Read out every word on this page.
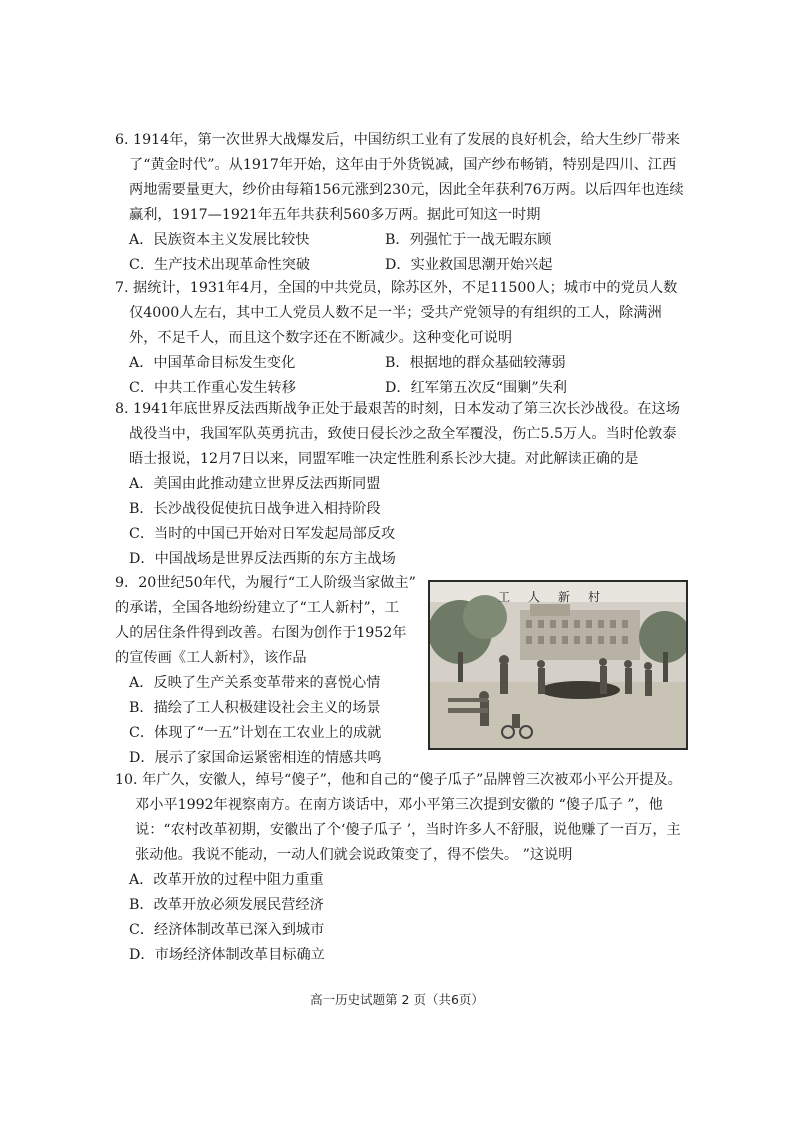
6. 1914年，第一次世界大战爆发后，中国纺织工业有了发展的良好机会，给大生纱厂带来了“黄金时代”。从1917年开始，这年由于外货锐减，国产纱布畅销，特别是四川、江西两地需要量更大，纱价由每箱156元涨到230元，因此全年获利76万两。以后四年也连续赢利，1917—1921年五年共获利560多万两。据此可知这一时期

A．民族资本主义发展比较快	B．列强忙于一战无暇东顾
C．生产技术出现革命性突破	D．实业救国思潮开始兴起

7. 据统计，1931年4月，全国的中共党员，除苏区外，不足11500人；城市中的党员人数仅4000人左右，其中工人党员人数不足一半；受共产党领导的有组织的工人，除满洲外，不足千人，而且这个数字还在不断减少。这种变化可说明

A．中国革命目标发生变化	B．根据地的群众基础较薄弱
C．中共工作重心发生转移	D．红军第五次反“围剿”失利

8. 1941年底世界反法西斯战争正处于最艰苦的时刻，日本发动了第三次长沙战役。在这场战役当中，我国军队英勇抗击，致使日侵长沙之敌全军覆没，伤亡5.5万人。当时伦敦泰晤士报说，12月7日以来，同盟军唯一决定性胜利系长沙大捷。对此解读正确的是

A．美国由此推动建立世界反法西斯同盟
B．长沙战役促使抗日战争进入相持阶段
C．当时的中国已开始对日军发起局部反攻
D．中国战场是世界反法西斯的东方主战场
9．20世纪50年代，为履行“工人阶级当家做主”
的承诺，全国各地纷纷建立了“工人新村”，工
人的居住条件得到改善。右图为创作于1952年
的宣传画《工人新村》，该作品
A．反映了生产关系变革带来的喜悦心情
B．描绘了工人积极建设社会主义的场景
C．体现了“一五”计划在工农业上的成就
D．展示了家国命运紧密相连的情感共鸣
工人新村

10. 年广久，安徽人，绰号“傻子”，他和自己的“傻子瓜子”品牌曾三次被邓小平公开提及。邓小平1992年视察南方。在南方谈话中，邓小平第三次提到安徽的 “傻子瓜子 ”，他说：“农村改革初期，安徽出了个‘傻子瓜子 ’，当时许多人不舒服，说他赚了一百万，主张动他。我说不能动，一动人们就会说政策变了，得不偿失。 ”这说明

A．改革开放的过程中阻力重重
B．改革开放必须发展民营经济
C．经济体制改革已深入到城市
D．市场经济体制改革目标确立
高一历史试题第 2 页（共6页）
